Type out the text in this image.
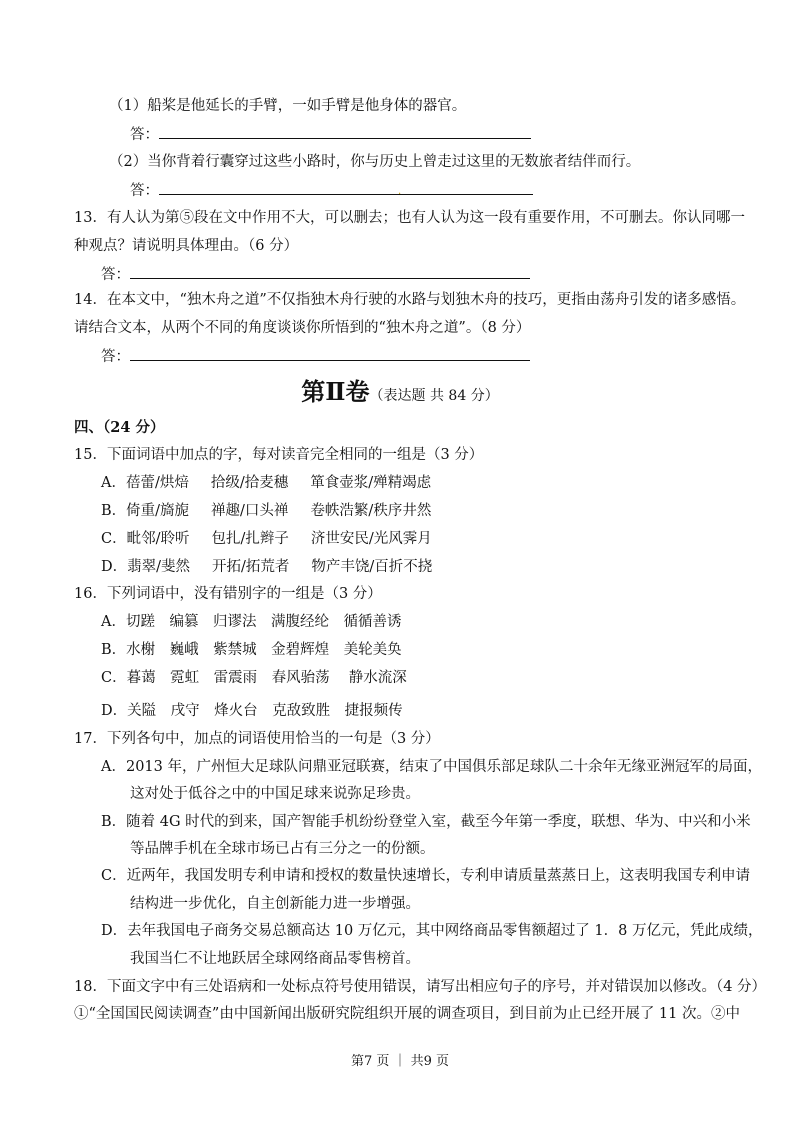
（1）船桨是他延长的手臂，一如手臂是他身体的器官。
答：
（2）当你背着行囊穿过这些小路时，你与历史上曾走过这里的无数旅者结伴而行。
答：	.
13．有人认为第⑤段在文中作用不大，可以删去；也有人认为这一段有重要作用，不可删去。你认同哪一
种观点？请说明具体理由。（6 分）
答：
14．在本文中，“独木舟之道”不仅指独木舟行驶的水路与划独木舟的技巧，更指由荡舟引发的诸多感悟。
请结合文本，从两个不同的角度谈谈你所悟到的“独木舟之道”。（8 分）
答：
第Ⅱ卷（表达题 共 84 分）
四、（24 分）
15．下面词语中加点的字，每对读音完全相同的一组是（3 分）
A．蓓蕾/烘焙 拾级/拾麦穗 箪食壶浆/殚精竭虑
B．倚重/旖旎 禅趣/口头禅 卷帙浩繁/秩序井然
C．毗邻/聆听 包扎/扎辫子 济世安民/光风霁月
D．翡翠/斐然 开拓/拓荒者 物产丰饶/百折不挠
16．下列词语中，没有错别字的一组是（3 分）
A．切蹉　编篡　归谬法　满腹经纶　循循善诱
B．水榭　巍峨　紫禁城　金碧辉煌　美轮美奂
C．暮蔼　霓虹　雷震雨　春风骀荡　 静水流深
D．关隘　戌守　烽火台　克敌致胜　捷报频传
17．下列各句中，加点的词语使用恰当的一句是（3 分）
A．2013 年，广州恒大足球队问鼎亚冠联赛，结束了中国俱乐部足球队二十余年无缘亚洲冠军的局面，
这对处于低谷之中的中国足球来说弥足珍贵。
B．随着 4G 时代的到来，国产智能手机纷纷登堂入室，截至今年第一季度，联想、华为、中兴和小米
等品牌手机在全球市场已占有三分之一的份额。
C．近两年，我国发明专利申请和授权的数量快速增长，专利申请质量蒸蒸日上，这表明我国专利申请
结构进一步优化，自主创新能力进一步增强。
D．去年我国电子商务交易总额高达 10 万亿元，其中网络商品零售额超过了 1．8 万亿元，凭此成绩，
我国当仁不让地跃居全球网络商品零售榜首。
18．下面文字中有三处语病和一处标点符号使用错误，请写出相应句子的序号，并对错误加以修改。（4 分）
①“全国国民阅读调查”由中国新闻出版研究院组织开展的调查项目，到目前为止已经开展了 11 次。②中
第7 页 ｜ 共9 页
